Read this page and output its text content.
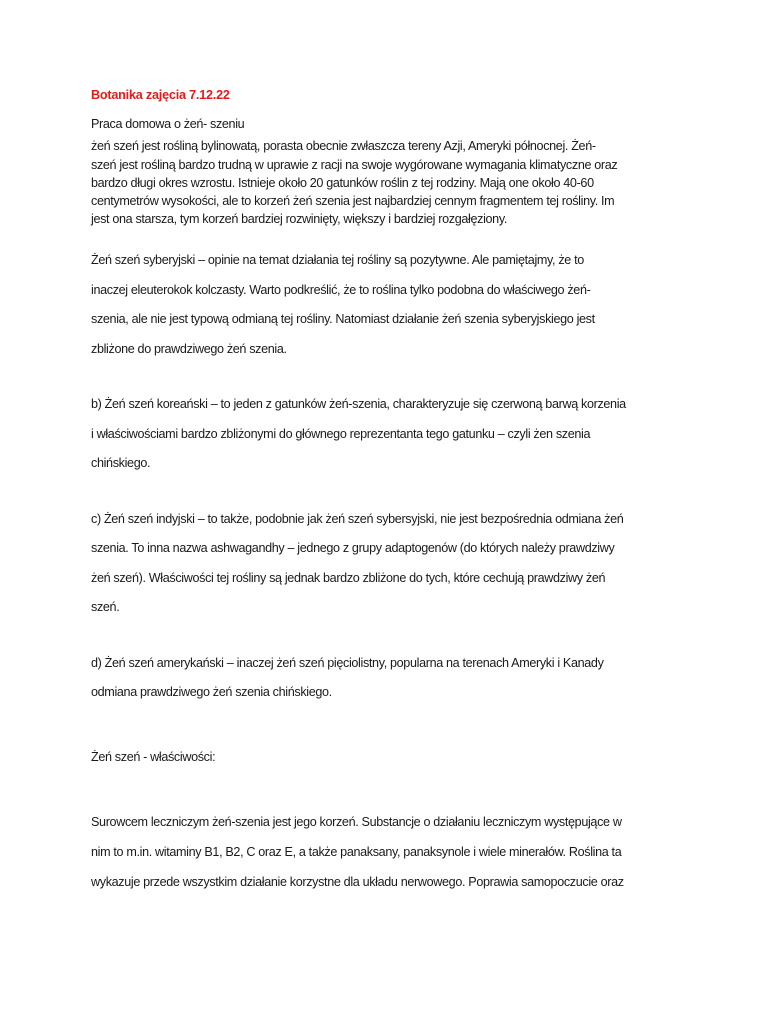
Botanika zajęcia 7.12.22

Praca domowa o żeń- szeniu

żeń szeń jest rośliną bylinowatą, porasta obecnie zwłaszcza tereny Azji, Ameryki północnej. Żeń-

szeń jest rośliną bardzo trudną w uprawie z racji na swoje wygórowane wymagania klimatyczne oraz

bardzo długi okres wzrostu. Istnieje około 20 gatunków roślin z tej rodziny. Mają one około 40-60

centymetrów wysokości, ale to korzeń żeń szenia jest najbardziej cennym fragmentem tej rośliny. Im

jest ona starsza, tym korzeń bardziej rozwinięty, większy i bardziej rozgałęziony.

Żeń szeń syberyjski – opinie na temat działania tej rośliny są pozytywne. Ale pamiętajmy, że to

inaczej eleuterokok kolczasty. Warto podkreślić, że to roślina tylko podobna do właściwego żeń-

szenia, ale nie jest typową odmianą tej rośliny. Natomiast działanie żeń szenia syberyjskiego jest

zbliżone do prawdziwego żeń szenia.

b) Żeń szeń koreański – to jeden z gatunków żeń-szenia, charakteryzuje się czerwoną barwą korzenia

i właściwościami bardzo zbliżonymi do głównego reprezentanta tego gatunku – czyli żen szenia

chińskiego.

c) Żeń szeń indyjski – to także, podobnie jak żeń szeń sybersyjski, nie jest bezpośrednia odmiana żeń

szenia. To inna nazwa ashwagandhy – jednego z grupy adaptogenów (do których należy prawdziwy

żeń szeń). Właściwości tej rośliny są jednak bardzo zbliżone do tych, które cechują prawdziwy żeń

szeń.

d) Żeń szeń amerykański – inaczej żeń szeń pięciolistny, popularna na terenach Ameryki i Kanady

odmiana prawdziwego żeń szenia chińskiego.

Żeń szeń - właściwości:

Surowcem leczniczym żeń-szenia jest jego korzeń. Substancje o działaniu leczniczym występujące w

nim to m.in. witaminy B1, B2, C oraz E, a także panaksany, panaksynole i wiele minerałów. Roślina ta

wykazuje przede wszystkim działanie korzystne dla układu nerwowego. Poprawia samopoczucie oraz
